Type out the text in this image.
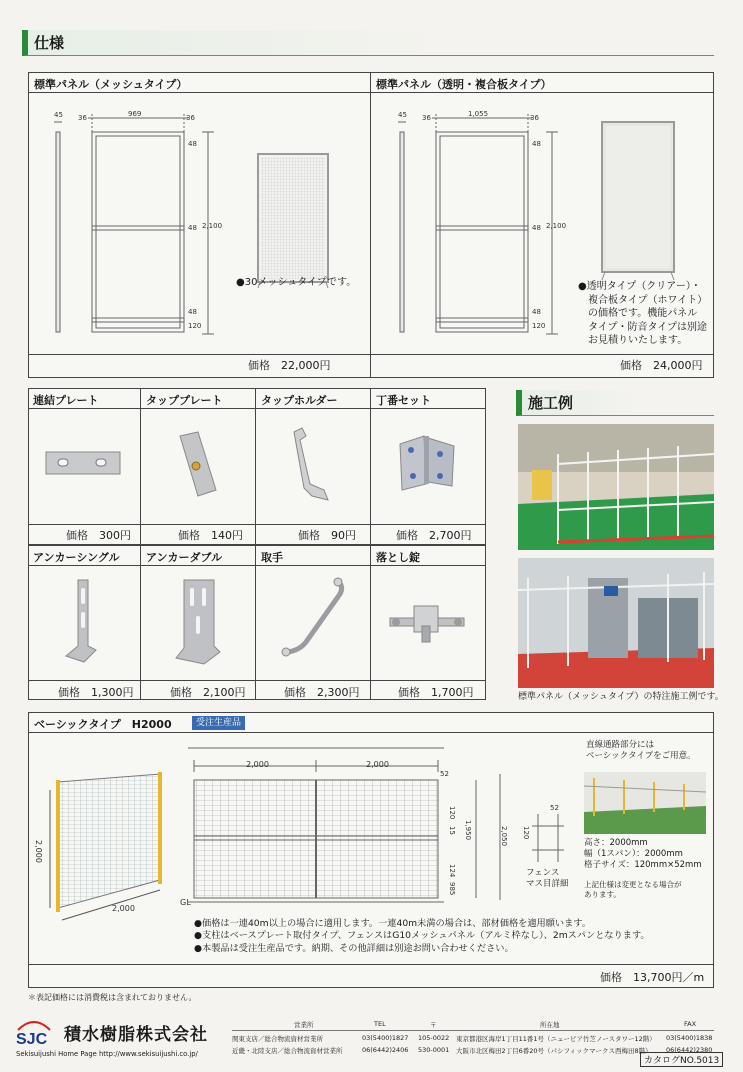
仕様
標準パネル（メッシュタイプ）	標準パネル（透明・複合板タイプ）
45 36	969	36
48
2,100
48
120
48
●30メッシュタイプです。
価格　22,000円
45 36	1,055	36
48
2,100
48
120
48
●透明タイプ（クリアー）・
　複合板タイプ（ホワイト）
　の価格です。機能パネル
　タイプ・防音タイプは別途
　お見積りいたします。
価格　24,000円
連結プレート	タッププレート	タップホルダー	丁番セット
価格　300円	価格　140円	価格　90円	価格　2,700円
アンカーシングル アンカーダブル	取手	落とし錠
価格　1,300円	価格　2,100円	価格　2,300円	価格　1,700円
施工例
標準パネル（メッシュタイプ）の特注施工例です。
ベーシックタイプ　H2000	受注生産品
2,000
2,000
2,000	2,000
52
120
15 1,950
124
985
2,050
GL
52
120
フェンス
マス目詳細
直線通路部分には
ベーシックタイプをご用意。
高さ：2000mm
幅（1スパン）：2000mm
格子サイズ：120mm×52mm
上記仕様は変更となる場合が
あります。
●価格は一連40m以上の場合に適用します。一連40m未満の場合は、部材価格を適用願います。
●支柱はベースプレート取付タイプ、フェンスはG10メッシュパネル（アルミ枠なし）、2mスパンとなります。
●本製品は受注生産品です。納期、その他詳細は別途お問い合わせください。
価格　13,700円／m
＊表記価格には消費税は含まれておりません。
カタログNO.5013
SJC 積水樹脂株式会社
Sekisuijushi Home Page http://www.sekisuijushi.co.jp/
営業所	TEL	〒	所在地	FAX
関東支店／総合物流資材営業所	03(5400)1827 105-0022 東京都港区海岸1丁目11番1号（ニューピア竹芝ノースタワー12階） 03(5400)1838
近畿・北陸支店／総合物流資材営業所	06(6442)2406 530-0001 大阪市北区梅田2丁目6番20号（パシフィックマークス西梅田8階） 06(6442)2380
